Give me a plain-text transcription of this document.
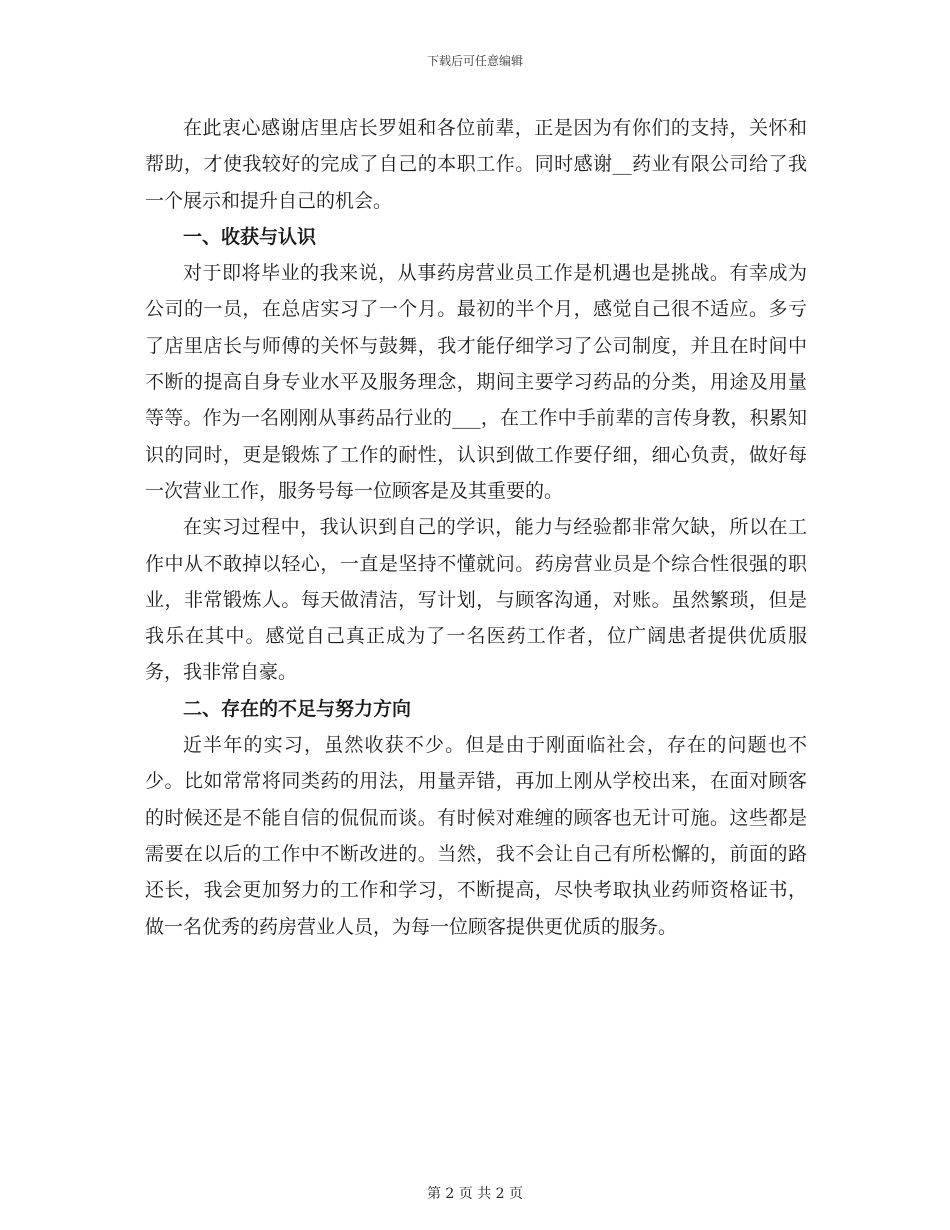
下载后可任意编辑

在此衷心感谢店里店长罗姐和各位前辈，正是因为有你们的支持，关怀和帮助，才使我较好的完成了自己的本职工作。同时感谢__药业有限公司给了我一个展示和提升自己的机会。

一、收获与认识

对于即将毕业的我来说，从事药房营业员工作是机遇也是挑战。有幸成为公司的一员，在总店实习了一个月。最初的半个月，感觉自己很不适应。多亏了店里店长与师傅的关怀与鼓舞，我才能仔细学习了公司制度，并且在时间中不断的提高自身专业水平及服务理念，期间主要学习药品的分类，用途及用量等等。作为一名刚刚从事药品行业的___，在工作中手前辈的言传身教，积累知识的同时，更是锻炼了工作的耐性，认识到做工作要仔细，细心负责，做好每一次营业工作，服务号每一位顾客是及其重要的。

在实习过程中，我认识到自己的学识，能力与经验都非常欠缺，所以在工作中从不敢掉以轻心，一直是坚持不懂就问。药房营业员是个综合性很强的职业，非常锻炼人。每天做清洁，写计划，与顾客沟通，对账。虽然繁琐，但是我乐在其中。感觉自己真正成为了一名医药工作者，位广阔患者提供优质服务，我非常自豪。

二、存在的不足与努力方向

近半年的实习，虽然收获不少。但是由于刚面临社会，存在的问题也不少。比如常常将同类药的用法，用量弄错，再加上刚从学校出来，在面对顾客的时候还是不能自信的侃侃而谈。有时候对难缠的顾客也无计可施。这些都是需要在以后的工作中不断改进的。当然，我不会让自己有所松懈的，前面的路还长，我会更加努力的工作和学习，不断提高，尽快考取执业药师资格证书，做一名优秀的药房营业人员，为每一位顾客提供更优质的服务。

第 2 页 共 2 页
